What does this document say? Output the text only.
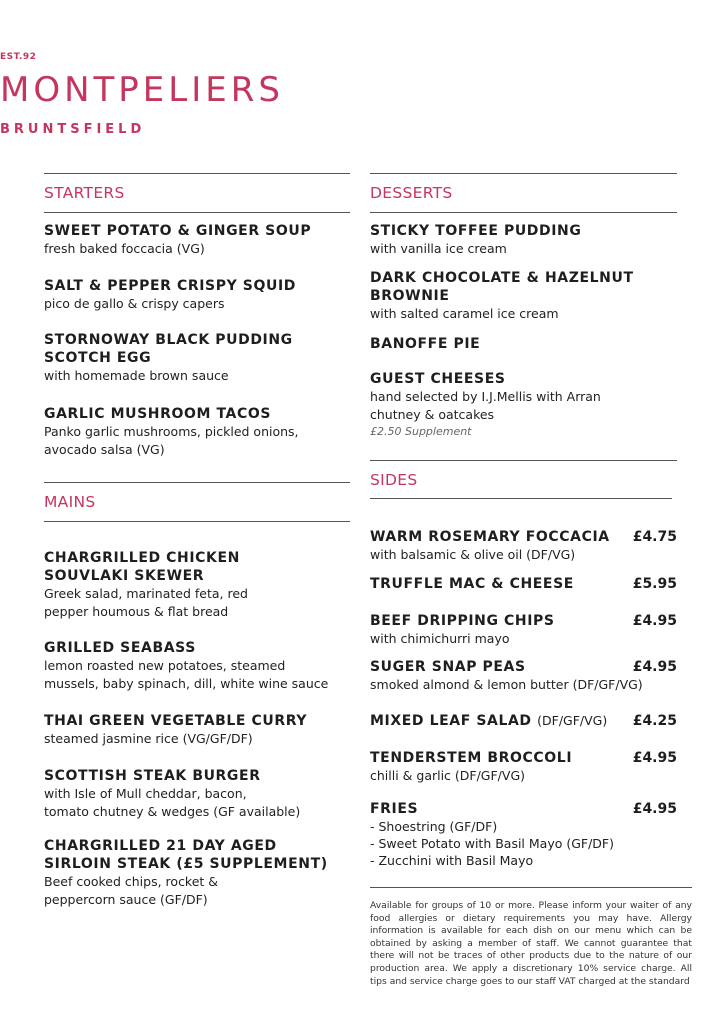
EST.92
MONTPELIERS
BRUNTSFIELD
STARTERS
SWEET POTATO & GINGER SOUP
fresh baked foccacia (VG)
SALT & PEPPER CRISPY SQUID
pico de gallo & crispy capers
STORNOWAY BLACK PUDDING
SCOTCH EGG
with homemade brown sauce
GARLIC MUSHROOM TACOS
Panko garlic mushrooms, pickled onions,
avocado salsa (VG)
MAINS
CHARGRILLED CHICKEN
SOUVLAKI SKEWER
Greek salad, marinated feta, red
pepper houmous & flat bread
GRILLED SEABASS
lemon roasted new potatoes, steamed
mussels, baby spinach, dill, white wine sauce
THAI GREEN VEGETABLE CURRY
steamed jasmine rice (VG/GF/DF)
SCOTTISH STEAK BURGER
with Isle of Mull cheddar, bacon,
tomato chutney & wedges (GF available)
CHARGRILLED 21 DAY AGED
SIRLOIN STEAK (£5 SUPPLEMENT)
Beef cooked chips, rocket &
peppercorn sauce (GF/DF)
DESSERTS
STICKY TOFFEE PUDDING
with vanilla ice cream
DARK CHOCOLATE & HAZELNUT
BROWNIE
with salted caramel ice cream
BANOFFE PIE
GUEST CHEESES
hand selected by I.J.Mellis with Arran
chutney & oatcakes
£2.50 Supplement
SIDES
WARM ROSEMARY FOCCACIA £4.75
with balsamic & olive oil (DF/VG)
TRUFFLE MAC & CHEESE	£5.95
BEEF DRIPPING CHIPS	£4.95
with chimichurri mayo
SUGER SNAP PEAS	£4.95
smoked almond & lemon butter (DF/GF/VG)
MIXED LEAF SALAD (DF/GF/VG) £4.25
TENDERSTEM BROCCOLI	£4.95
chilli & garlic (DF/GF/VG)
FRIES	£4.95
- Shoestring (GF/DF)
- Sweet Potato with Basil Mayo (GF/DF)
- Zucchini with Basil Mayo
Available for groups of 10 or more. Please inform your waiter of any food allergies or dietary requirements you may have. Allergy information is available for each dish on our menu which can be obtained by asking a member of staff. We cannot guarantee that there will not be traces of other products due to the nature of our production area. We apply a discretionary 10% service charge. All tips and service charge goes to our staff VAT charged at the standard
